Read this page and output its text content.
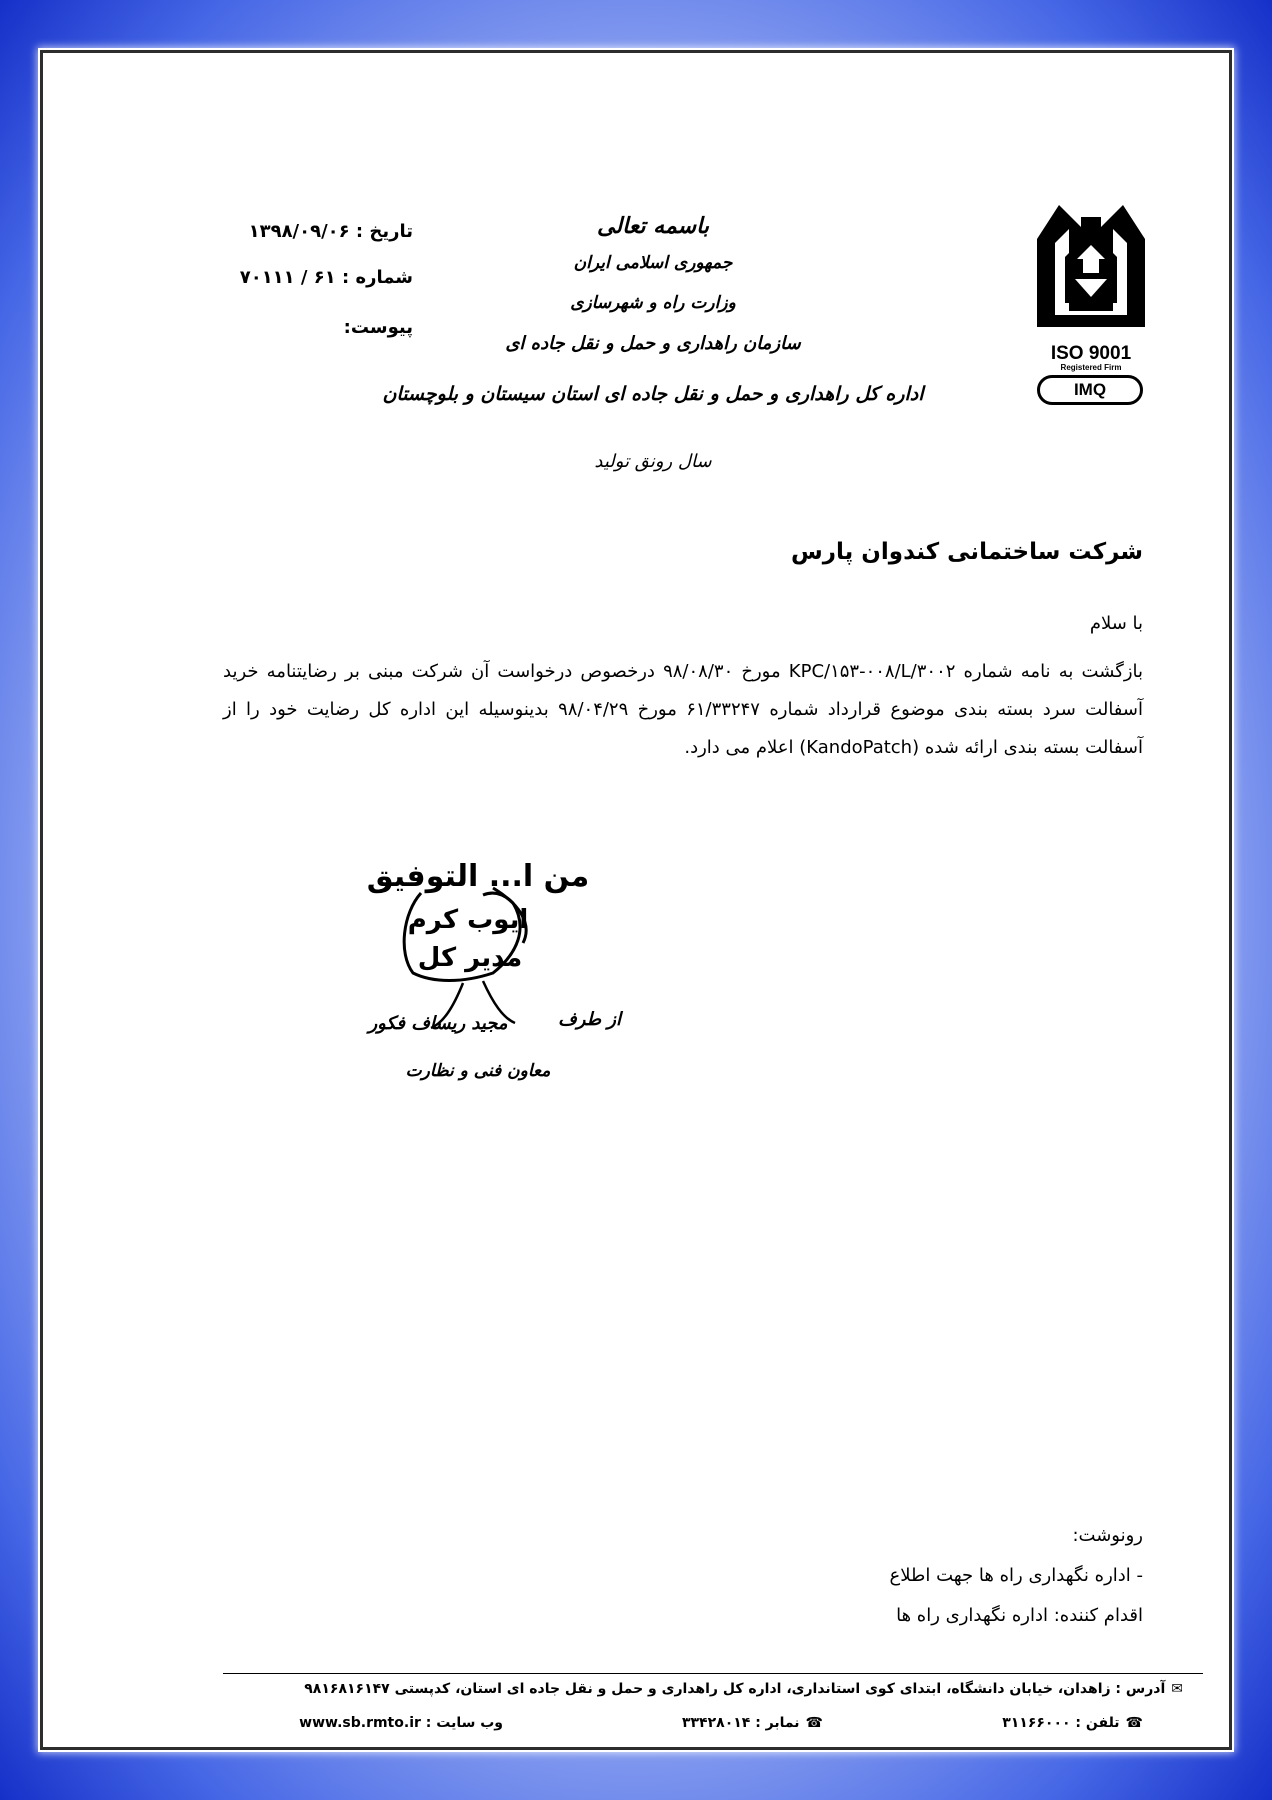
ISO 9001
Registered Firm
IMQ
باسمه تعالی
جمهوری اسلامی ایران
وزارت راه و شهرسازی
سازمان راهداری و حمل و نقل جاده ای
اداره کل راهداری و حمل و نقل جاده ای استان سیستان و بلوچستان
سال رونق تولید
تاریخ : ۱۳۹۸/۰۹/۰۶
شماره : ۶۱ / ۷۰۱۱۱
پیوست:
شرکت ساختمانی کندوان پارس
با سلام

بازگشت به نامه شماره KPC/۱۵۳-۰۰۸/L/۳۰۰۲ مورخ ۹۸/۰۸/۳۰ درخصوص درخواست آن شرکت مبنی بر رضایتنامه خرید آسفالت سرد بسته بندی موضوع قرارداد شماره ۶۱/۳۳۲۴۷ مورخ ۹۸/۰۴/۲۹ بدینوسیله این اداره کل رضایت خود را از آسفالت بسته بندی ارائه شده (KandoPatch) اعلام می دارد.

من ا... التوفیق
ایوب کرم
مدیر کل
از طرف
مجید ریساف فکور
معاون فنی و نظارت
رونوشت:
- اداره نگهداری راه ها جهت اطلاع
اقدام کننده: اداره نگهداری راه ها
✉آدرس : زاهدان، خیابان دانشگاه، ابتدای کوی استانداری، اداره کل راهداری و حمل و نقل جاده ای استان، کدپستی ۹۸۱۶۸۱۶۱۴۷
☎تلفن : ۳۱۱۶۶۰۰۰
☎نمابر : ۳۳۴۲۸۰۱۴
وب سایت : www.sb.rmto.ir
